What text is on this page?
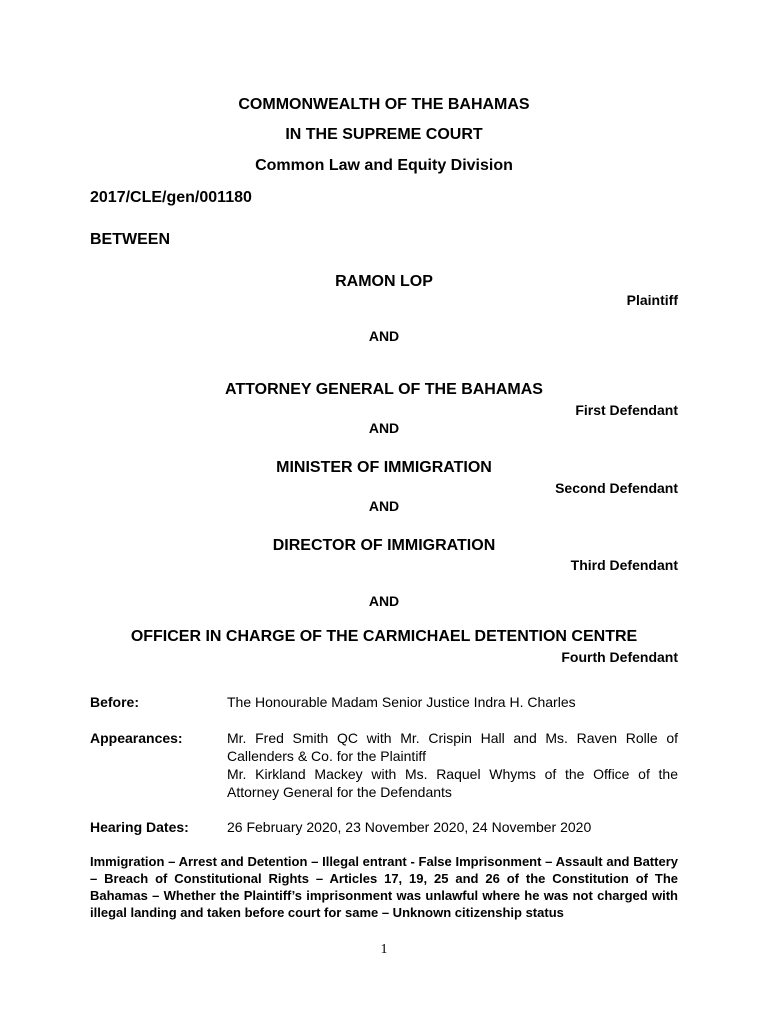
COMMONWEALTH OF THE BAHAMAS
IN THE SUPREME COURT
Common Law and Equity Division
2017/CLE/gen/001180
BETWEEN
RAMON LOP
Plaintiff
AND
ATTORNEY GENERAL OF THE BAHAMAS
First Defendant
AND
MINISTER OF IMMIGRATION
Second Defendant
AND
DIRECTOR OF IMMIGRATION
Third Defendant
AND
OFFICER IN CHARGE OF THE CARMICHAEL DETENTION CENTRE
Fourth Defendant
Before:	The Honourable Madam Senior Justice Indra H. Charles
Appearances:	Mr. Fred Smith QC with Mr. Crispin Hall and Ms. Raven Rolle of Callenders & Co. for the Plaintiff
Mr. Kirkland Mackey with Ms. Raquel Whyms of the Office of the Attorney General for the Defendants
Hearing Dates:	26 February 2020, 23 November 2020, 24 November 2020
Immigration – Arrest and Detention – Illegal entrant - False Imprisonment – Assault and Battery – Breach of Constitutional Rights – Articles 17, 19, 25 and 26 of the Constitution of The Bahamas – Whether the Plaintiff’s imprisonment was unlawful where he was not charged with illegal landing and taken before court for same – Unknown citizenship status
1
